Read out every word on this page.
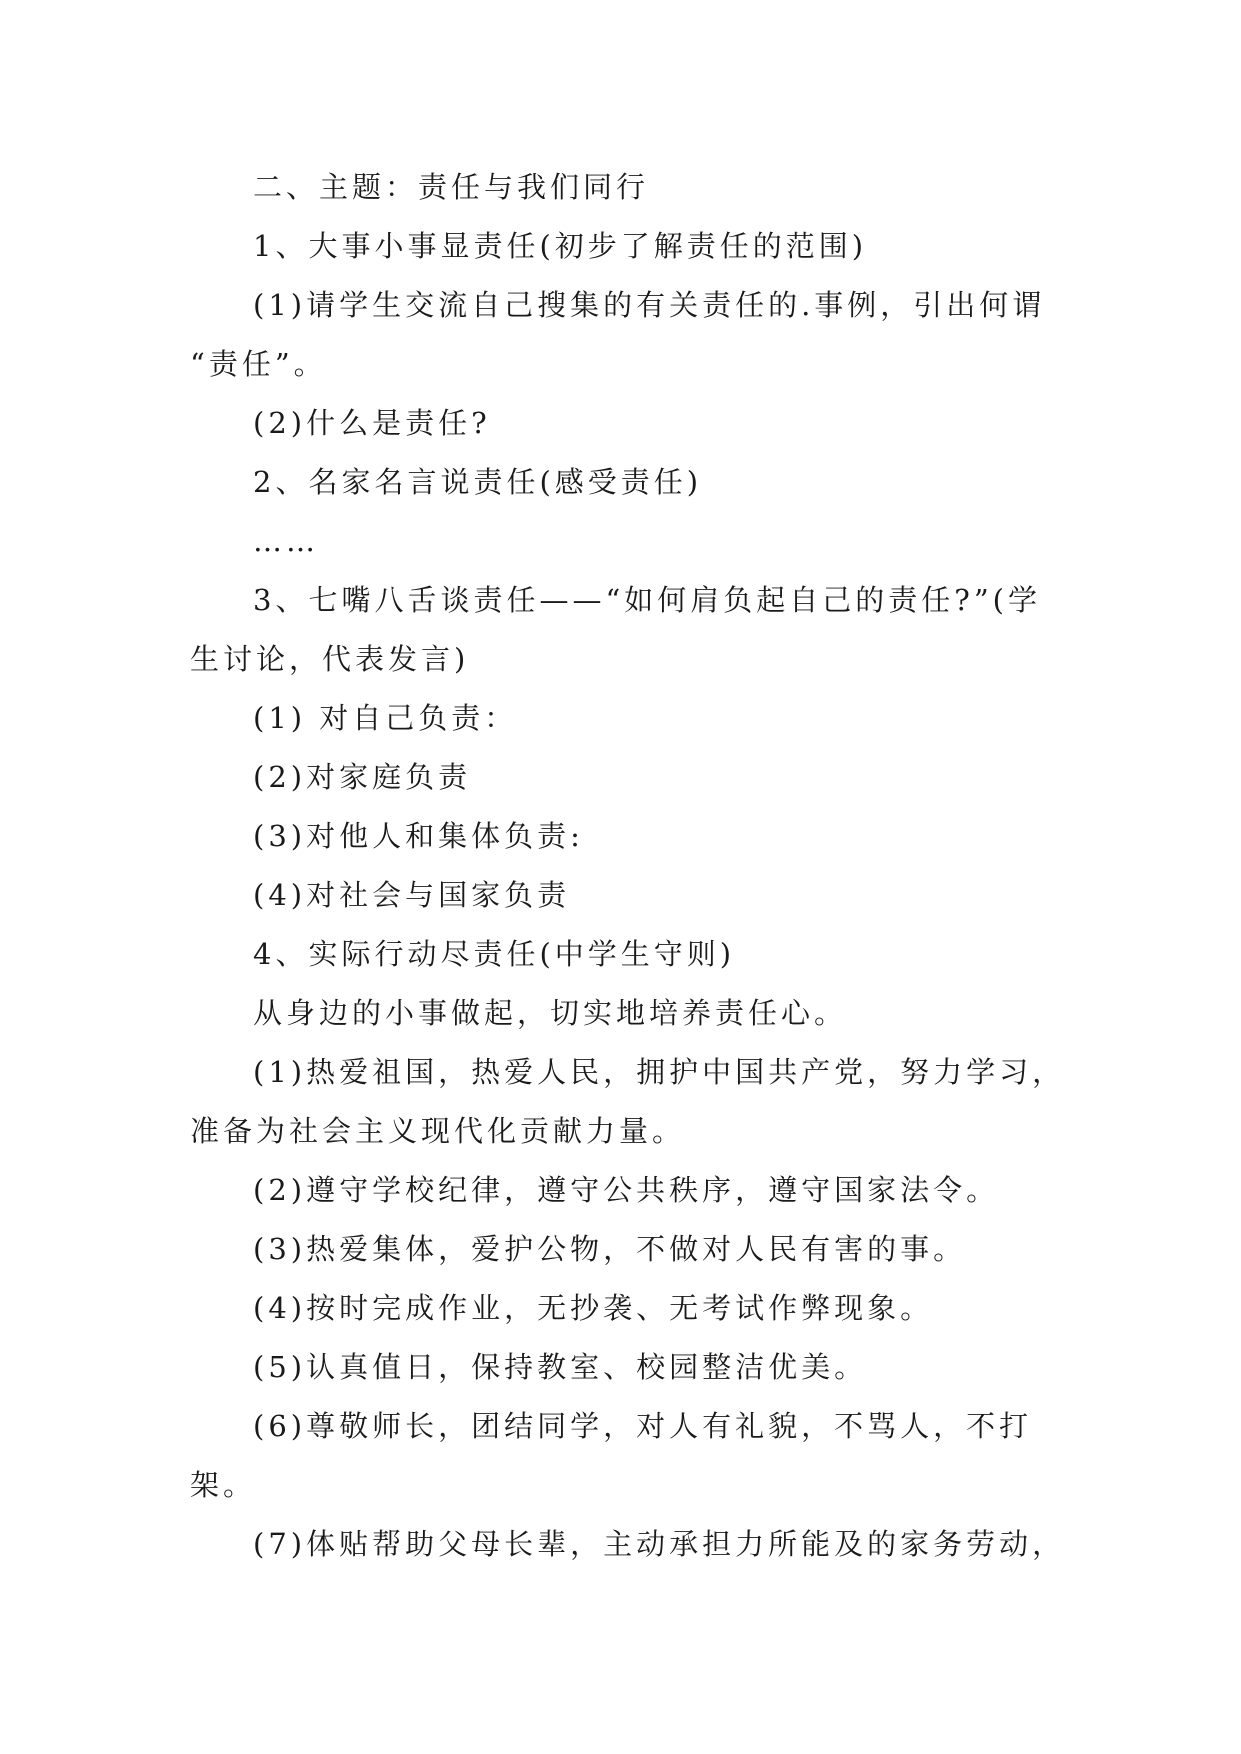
二、主题：责任与我们同行
1、大事小事显责任(初步了解责任的范围)
(1)请学生交流自己搜集的有关责任的.事例，引出何谓
“责任”。
(2)什么是责任?
2、名家名言说责任(感受责任)
……
3、七嘴八舌谈责任——“如何肩负起自己的责任?”(学
生讨论，代表发言)
(1) 对自己负责：
(2)对家庭负责
(3)对他人和集体负责:
(4)对社会与国家负责
4、实际行动尽责任(中学生守则)
从身边的小事做起，切实地培养责任心。
(1)热爱祖国，热爱人民，拥护中国共产党，努力学习，
准备为社会主义现代化贡献力量。
(2)遵守学校纪律，遵守公共秩序，遵守国家法令。
(3)热爱集体，爱护公物，不做对人民有害的事。
(4)按时完成作业，无抄袭、无考试作弊现象。
(5)认真值日，保持教室、校园整洁优美。
(6)尊敬师长，团结同学，对人有礼貌，不骂人，不打
架。
(7)体贴帮助父母长辈，主动承担力所能及的家务劳动，
